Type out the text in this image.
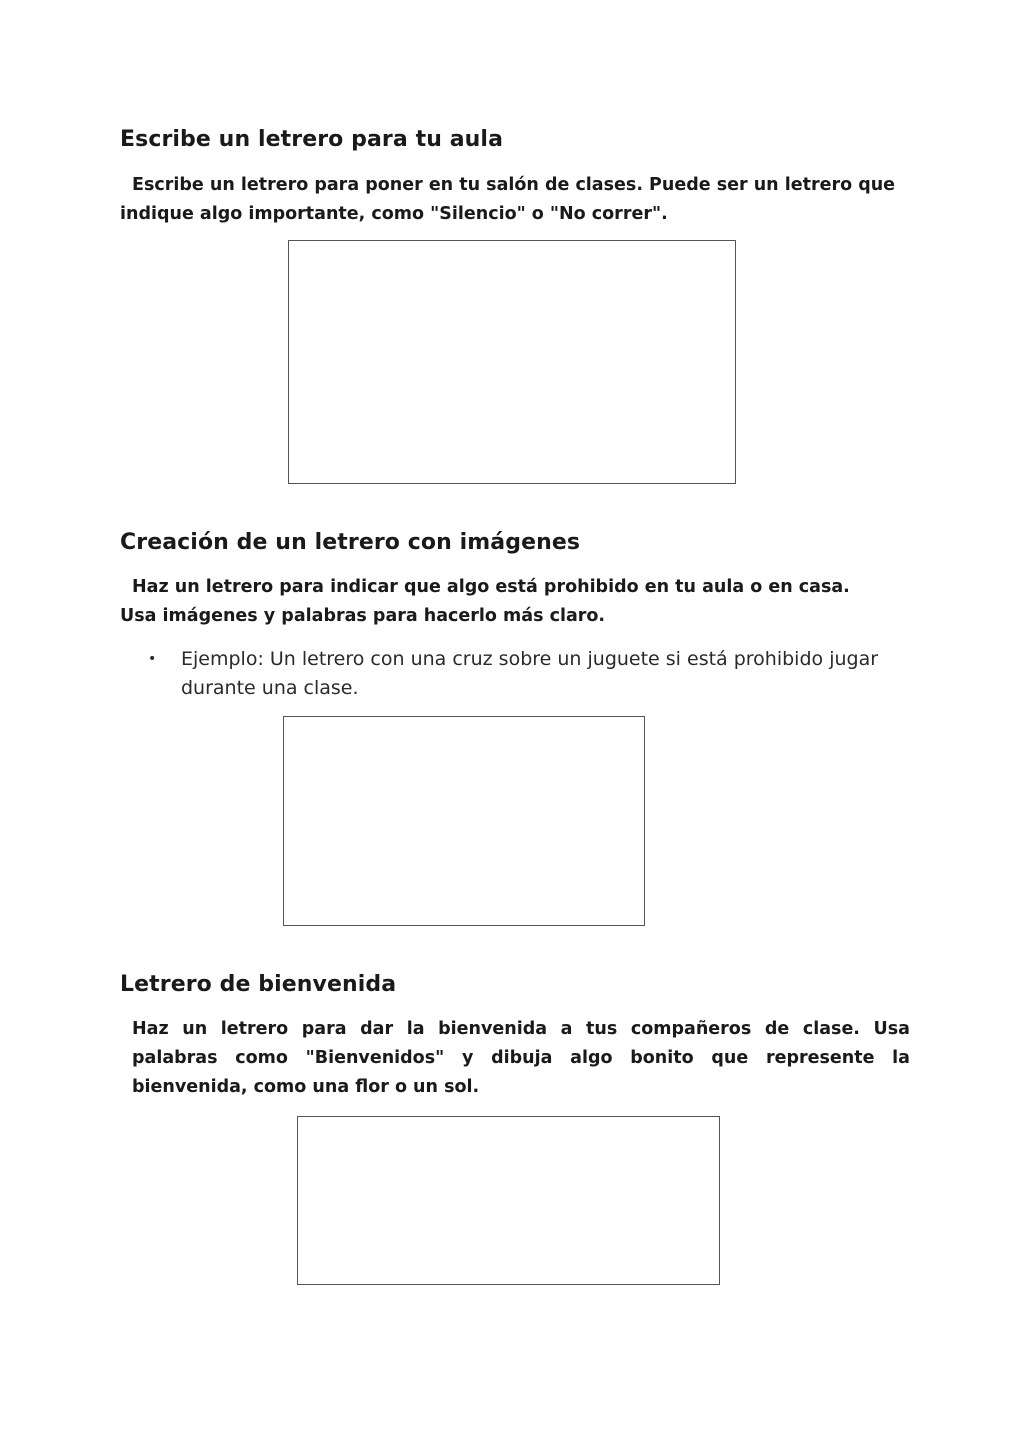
Escribe un letrero para tu aula

Escribe un letrero para poner en tu salón de clases. Puede ser un letrero que
indique algo importante, como "Silencio" o "No correr".

Creación de un letrero con imágenes

Haz un letrero para indicar que algo está prohibido en tu aula o en casa.
Usa imágenes y palabras para hacerlo más claro.

•	Ejemplo: Un letrero con una cruz sobre un juguete si está prohibido jugar durante una clase.
Letrero de bienvenida

Haz un letrero para dar la bienvenida a tus compañeros de clase. Usa palabras como "Bienvenidos" y dibuja algo bonito que represente la bienvenida, como una flor o un sol.
